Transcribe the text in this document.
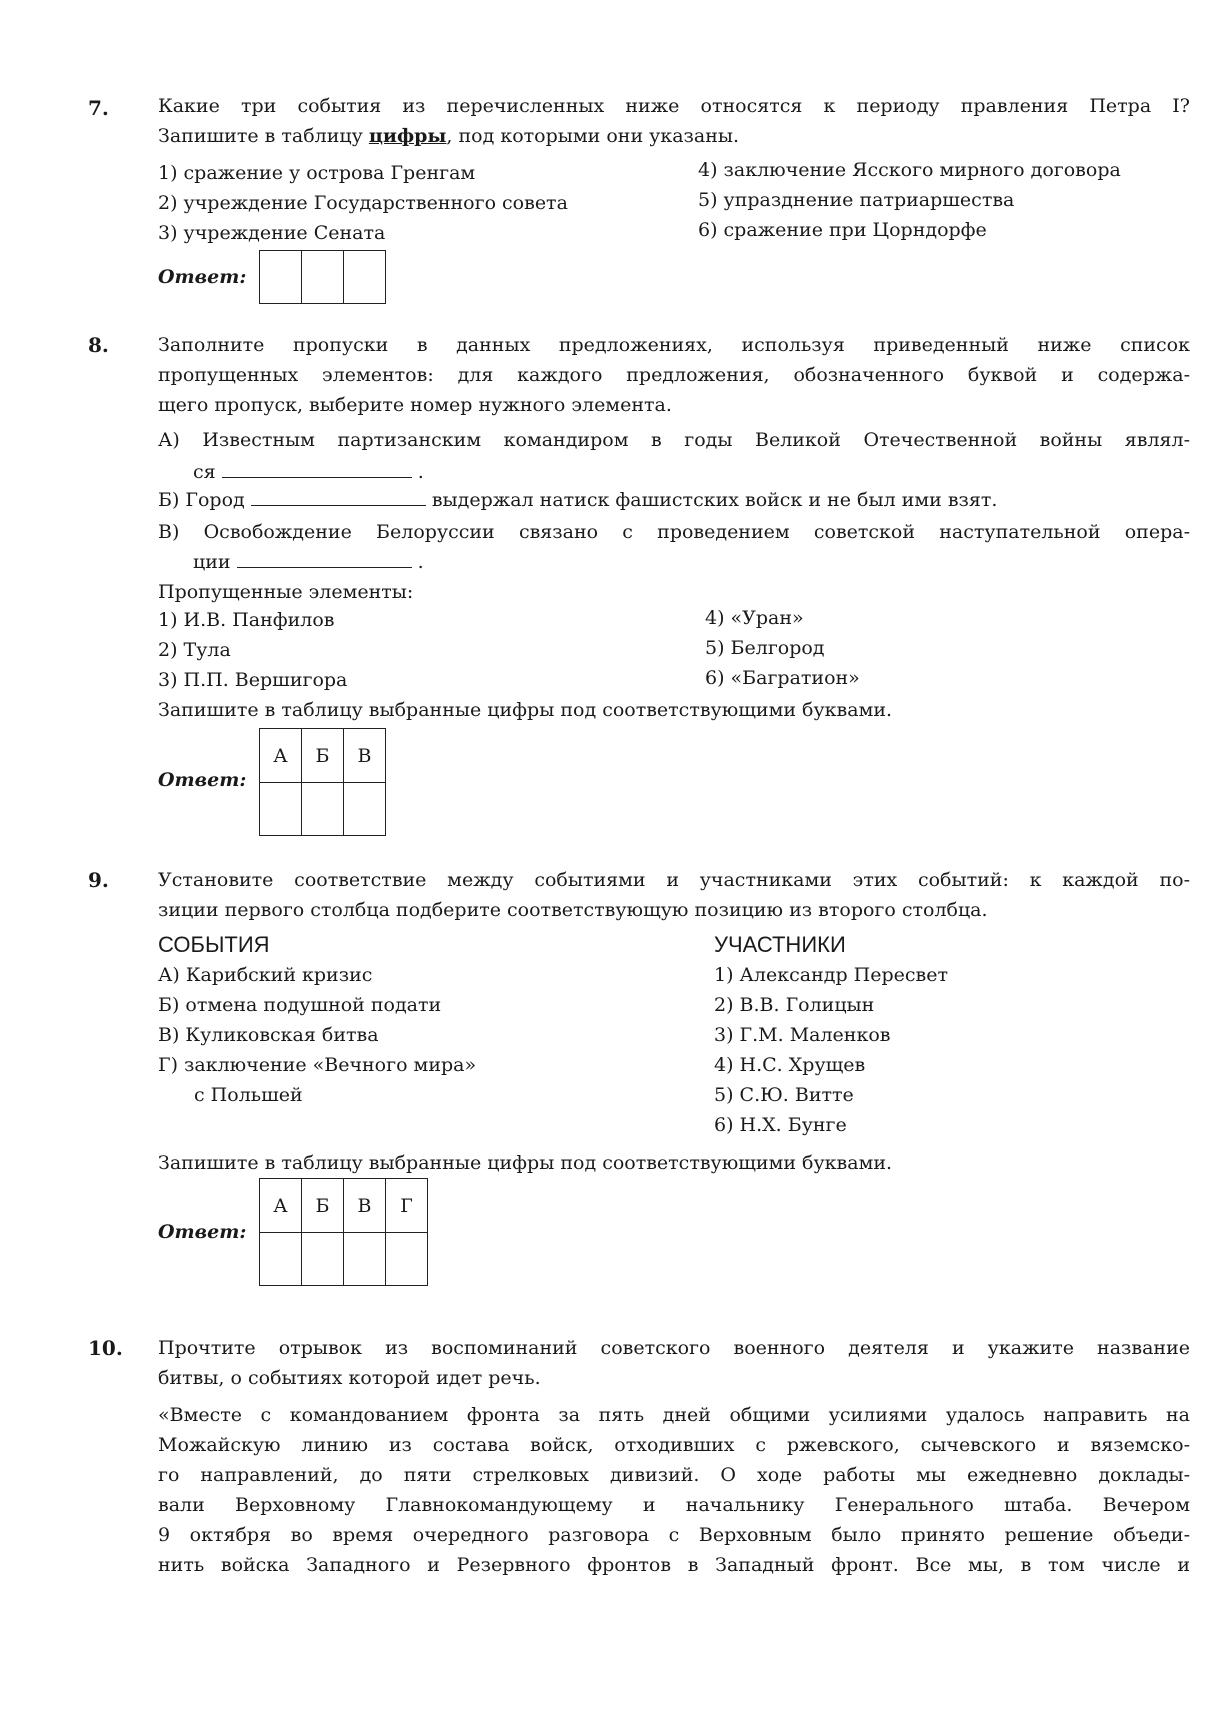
7.	Какие три события из перечисленных ниже относятся к периоду правления Петра I?
Запишите в таблицу цифры, под которыми они указаны.
1) сражение у острова Гренгам
2) учреждение Государственного совета
3) учреждение Сената
4) заключение Ясского мирного договора
5) упразднение патриаршества
6) сражение при Цорндорфе
Ответ:

8.	Заполните пропуски в данных предложениях, используя приведенный ниже список
пропущенных элементов: для каждого предложения, обозначенного буквой и содержа-
щего пропуск, выберите номер нужного элемента.
А) Известным партизанским командиром в годы Великой Отечественной войны являл-
ся	.
Б) Город	выдержал натиск фашистских войск и не был ими взят.
В) Освобождение Белоруссии связано с проведением советской наступательной опера-
ции	.
Пропущенные элементы:
1) И.В. Панфилов
2) Тула
3) П.П. Вершигора
4) «Уран»
5) Белгород
6) «Багратион»
Запишите в таблицу выбранные цифры под соответствующими буквами.
Ответ:
А	Б	В

9.	Установите соответствие между событиями и участниками этих событий: к каждой по-
зиции первого столбца подберите соответствующую позицию из второго столбца.
СОБЫТИЯ	УЧАСТНИКИ
А) Карибский кризис
Б) отмена подушной подати
В) Куликовская битва
Г) заключение «Вечного мира»
с Польшей
1) Александр Пересвет
2) В.В. Голицын
3) Г.М. Маленков
4) Н.С. Хрущев
5) С.Ю. Витте
6) Н.Х. Бунге
Запишите в таблицу выбранные цифры под соответствующими буквами.
Ответ:
А	Б	В	Г

10. Прочтите отрывок из воспоминаний советского военного деятеля и укажите название
битвы, о событиях которой идет речь.
«Вместе с командованием фронта за пять дней общими усилиями удалось направить на
Можайскую линию из состава войск, отходивших с ржевского, сычевского и вяземско-
го направлений, до пяти стрелковых дивизий. О ходе работы мы ежедневно доклады-
вали Верховному Главнокомандующему и начальнику Генерального штаба. Вечером
9 октября во время очередного разговора с Верховным было принято решение объеди-
нить войска Западного и Резервного фронтов в Западный фронт. Все мы, в том числе и
